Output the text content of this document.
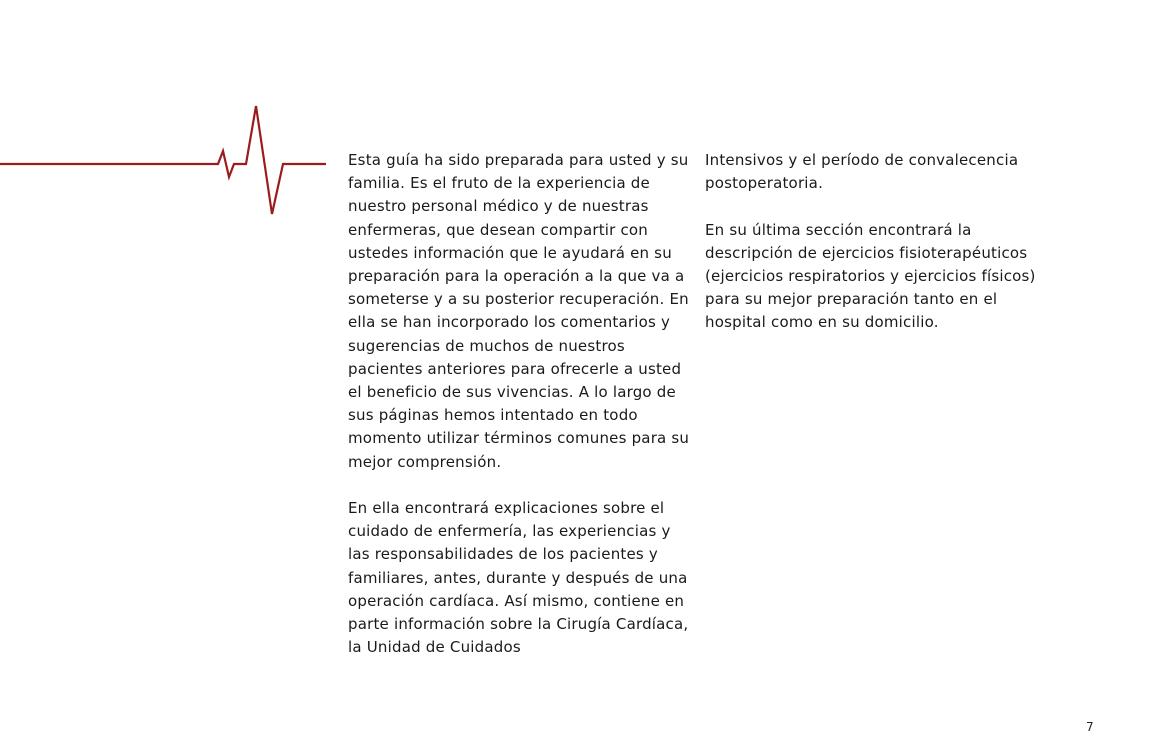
Esta guía ha sido preparada para usted y su familia. Es el fruto de la experiencia de nuestro personal médico y de nuestras enfermeras, que desean compartir con ustedes información que le ayudará en su preparación para la operación a la que va a someterse y a su posterior recuperación. En ella se han incorporado los comentarios y sugerencias de muchos de nuestros pacientes anteriores para ofrecerle a usted el beneficio de sus vivencias. A lo largo de sus páginas hemos intentado en todo momento utilizar términos comunes para su mejor comprensión.

En ella encontrará explicaciones sobre el cuidado de enfermería, las experiencias y las responsabilidades de los pacientes y familiares, antes, durante y después de una operación cardíaca. Así mismo, contiene en parte información sobre la Cirugía Cardíaca, la Unidad de Cuidados

Intensivos y el período de convalecencia postoperatoria.

En su última sección encontrará la descripción de ejercicios fisioterapéuticos (ejercicios respiratorios y ejercicios físicos) para su mejor preparación tanto en el hospital como en su domicilio.

7
